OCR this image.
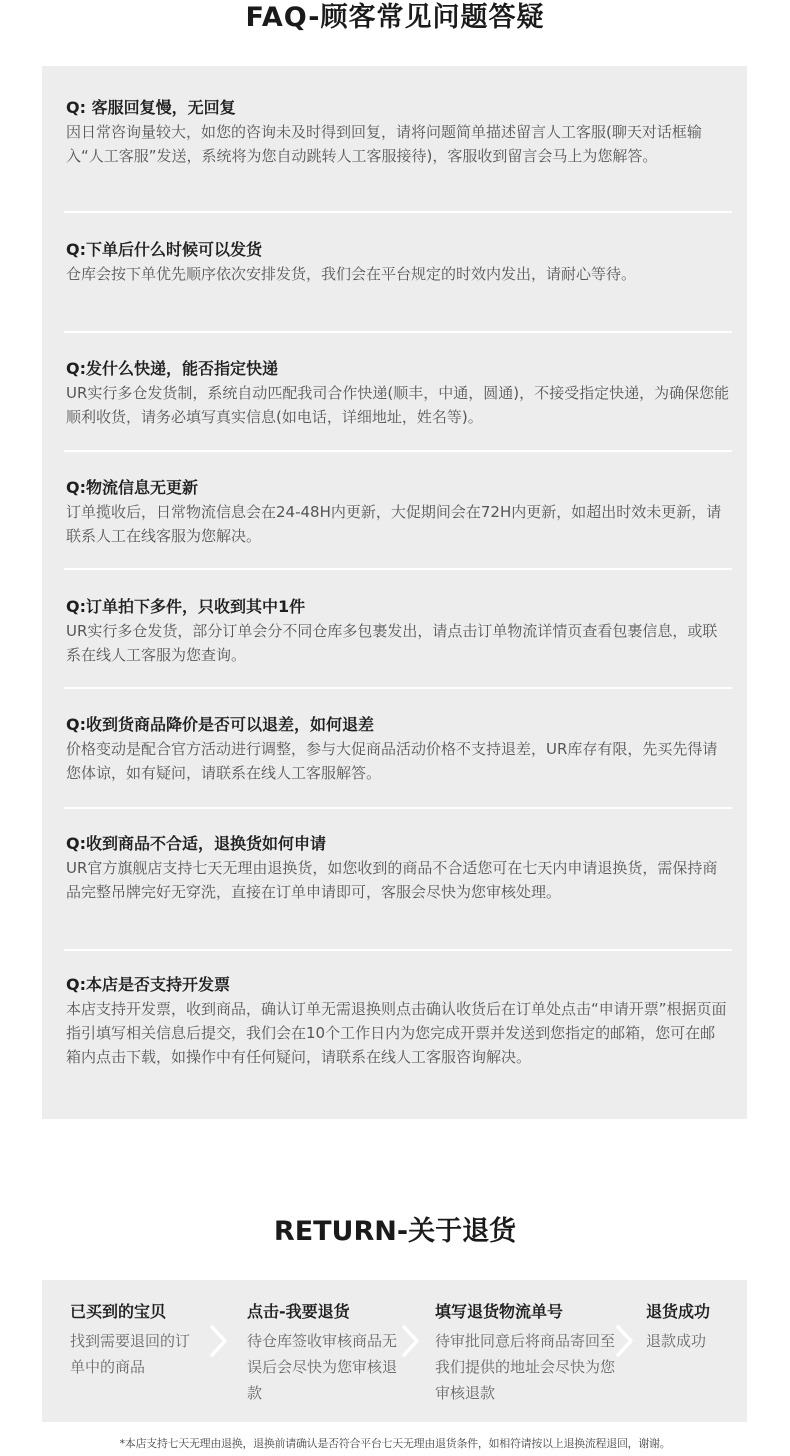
FAQ-顾客常见问题答疑
Q: 客服回复慢，无回复
因日常咨询量较大，如您的咨询未及时得到回复，请将问题简单描述留言人工客服(聊天对话框输入“人工客服”发送，系统将为您自动跳转人工客服接待)，客服收到留言会马上为您解答。
Q:下单后什么时候可以发货
仓库会按下单优先顺序依次安排发货，我们会在平台规定的时效内发出，请耐心等待。
Q:发什么快递，能否指定快递
UR实行多仓发货制，系统自动匹配我司合作快递(顺丰，中通，圆通)，不接受指定快递，为确保您能顺利收货，请务必填写真实信息(如电话，详细地址，姓名等)。
Q:物流信息无更新
订单揽收后，日常物流信息会在24-48H内更新，大促期间会在72H内更新，如超出时效未更新，请联系人工在线客服为您解决。
Q:订单拍下多件，只收到其中1件
UR实行多仓发货，部分订单会分不同仓库多包裹发出，请点击订单物流详情页查看包裹信息，或联系在线人工客服为您查询。
Q:收到货商品降价是否可以退差，如何退差
价格变动是配合官方活动进行调整，参与大促商品活动价格不支持退差，UR库存有限，先买先得请您体谅，如有疑问，请联系在线人工客服解答。
Q:收到商品不合适，退换货如何申请
UR官方旗舰店支持七天无理由退换货，如您收到的商品不合适您可在七天内申请退换货，需保持商品完整吊牌完好无穿洗，直接在订单申请即可，客服会尽快为您审核处理。
Q:本店是否支持开发票
本店支持开发票，收到商品，确认订单无需退换则点击确认收货后在订单处点击“申请开票”根据页面指引填写相关信息后提交，我们会在10个工作日内为您完成开票并发送到您指定的邮箱，您可在邮箱内点击下载，如操作中有任何疑问，请联系在线人工客服咨询解决。
RETURN-关于退货
已买到的宝贝
找到需要退回的订单中的商品
点击-我要退货
待仓库签收审核商品无误后会尽快为您审核退款
填写退货物流单号
待审批同意后将商品寄回至我们提供的地址会尽快为您审核退款
退货成功
退款成功
*本店支持七天无理由退换，退换前请确认是否符合平台七天无理由退货条件，如相符请按以上退换流程退回，谢谢。
